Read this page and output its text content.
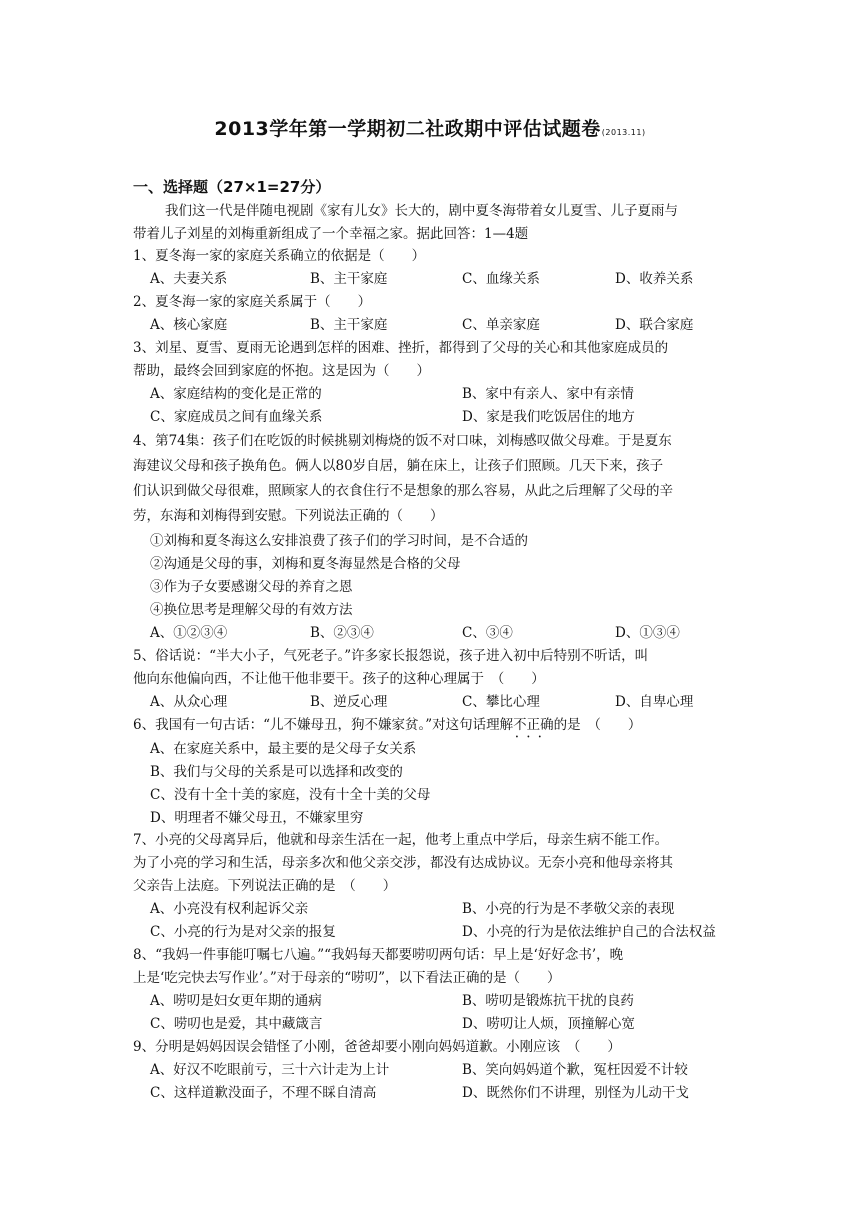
2013学年第一学期初二社政期中评估试题卷(2013.11)
一、选择题（27×1=27分）
我们这一代是伴随电视剧《家有儿女》长大的，剧中夏冬海带着女儿夏雪、儿子夏雨与
带着儿子刘星的刘梅重新组成了一个幸福之家。据此回答：1—4题
1、夏冬海一家的家庭关系确立的依据是（　　）
A、夫妻关系	B、主干家庭	C、血缘关系	D、收养关系
2、夏冬海一家的家庭关系属于（　　）
A、核心家庭	B、主干家庭	C、单亲家庭	D、联合家庭
3、刘星、夏雪、夏雨无论遇到怎样的困难、挫折，都得到了父母的关心和其他家庭成员的
帮助，最终会回到家庭的怀抱。这是因为（　　）
A、家庭结构的变化是正常的	B、家中有亲人、家中有亲情
C、家庭成员之间有血缘关系	D、家是我们吃饭居住的地方
4、第74集：孩子们在吃饭的时候挑剔刘梅烧的饭不对口味，刘梅感叹做父母难。于是夏东
海建议父母和孩子换角色。俩人以80岁自居，躺在床上，让孩子们照顾。几天下来，孩子
们认识到做父母很难，照顾家人的衣食住行不是想象的那么容易，从此之后理解了父母的辛
劳，东海和刘梅得到安慰。下列说法正确的（　　）
①刘梅和夏冬海这么安排浪费了孩子们的学习时间，是不合适的
②沟通是父母的事，刘梅和夏冬海显然是合格的父母
③作为子女要感谢父母的养育之恩
④换位思考是理解父母的有效方法
A、①②③④	B、②③④	C、③④	D、①③④
5、俗话说：“半大小子，气死老子。”许多家长报怨说，孩子进入初中后特别不听话，叫
他向东他偏向西，不让他干他非要干。孩子的这种心理属于　（　　）
A、从众心理	B、逆反心理	C、攀比心理	D、自卑心理
6、我国有一句古话：“儿不嫌母丑，狗不嫌家贫。”对这句话理解不正确 • • •的是　（　　）
A、在家庭关系中，最主要的是父母子女关系
B、我们与父母的关系是可以选择和改变的
C、没有十全十美的家庭，没有十全十美的父母
D、明理者不嫌父母丑，不嫌家里穷
7、小亮的父母离异后，他就和母亲生活在一起，他考上重点中学后，母亲生病不能工作。
为了小亮的学习和生活，母亲多次和他父亲交涉，都没有达成协议。无奈小亮和他母亲将其
父亲告上法庭。下列说法正确的是　（　　）
A、小亮没有权利起诉父亲	B、小亮的行为是不孝敬父亲的表现
C、小亮的行为是对父亲的报复	D、小亮的行为是依法维护自己的合法权益
8、“我妈一件事能叮嘱七八遍。”“我妈每天都要唠叨两句话：早上是‘好好念书’，晚
上是‘吃完快去写作业’。”对于母亲的“唠叨”，以下看法正确的是（　　）
A、唠叨是妇女更年期的通病	B、唠叨是锻炼抗干扰的良药
C、唠叨也是爱，其中藏箴言	D、唠叨让人烦，顶撞解心宽
9、分明是妈妈因误会错怪了小刚，爸爸却要小刚向妈妈道歉。小刚应该　（　　）
A、好汉不吃眼前亏，三十六计走为上计	B、笑向妈妈道个歉，冤枉因爱不计较
C、这样道歉没面子，不理不睬自清高	D、既然你们不讲理，别怪为儿动干戈
